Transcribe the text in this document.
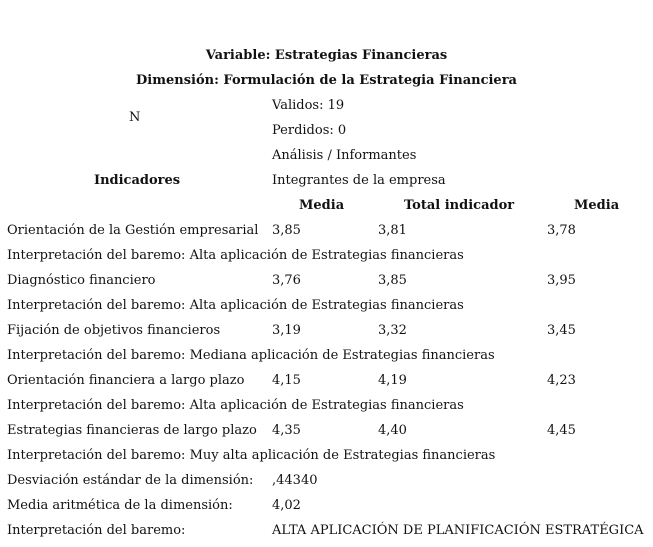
Variable: Estrategias Financieras
Dimensión: Formulación de la Estrategia Financiera
N
Validos: 19
Perdidos: 0
Análisis / Informantes
Indicadores	Integrantes de la empresa
Media	Total indicador	Media
Orientación de la Gestión empresarial 3,85	3,81	3,78
Interpretación del baremo: Alta aplicación de Estrategias financieras
Diagnóstico financiero	3,76	3,85	3,95
Interpretación del baremo: Alta aplicación de Estrategias financieras
Fijación de objetivos financieros	3,19	3,32	3,45
Interpretación del baremo: Mediana aplicación de Estrategias financieras
Orientación financiera a largo plazo 4,15	4,19	4,23
Interpretación del baremo: Alta aplicación de Estrategias financieras
Estrategias financieras de largo plazo 4,35	4,40	4,45
Interpretación del baremo: Muy alta aplicación de Estrategias financieras
Desviación estándar de la dimensión: ,44340
Media aritmética de la dimensión:	4,02
Interpretación del baremo:	ALTA APLICACIÓN DE PLANIFICACIÓN ESTRATÉGICA
